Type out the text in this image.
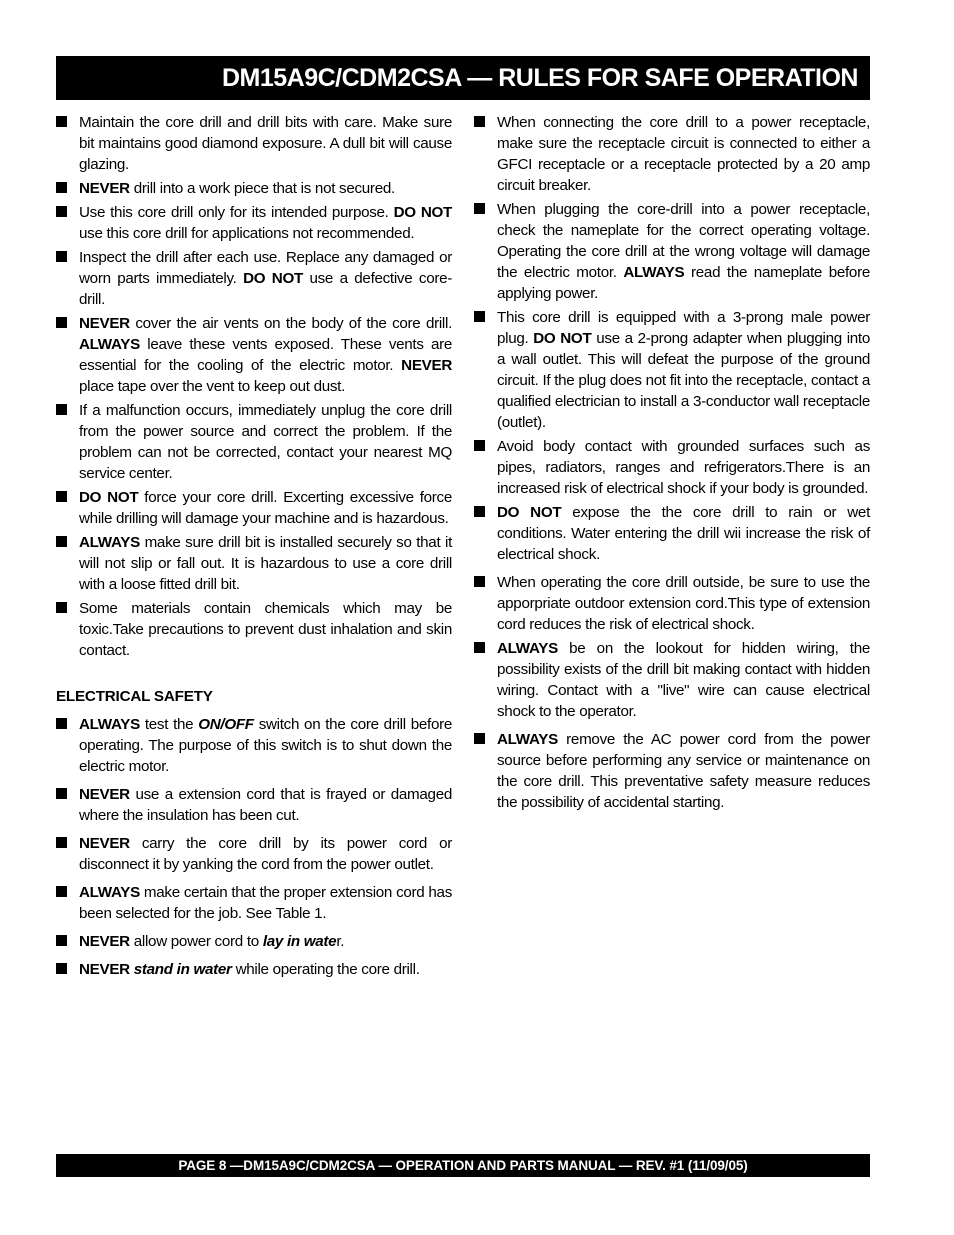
DM15A9C/CDM2CSA — RULES FOR SAFE OPERATION
Maintain the core drill and drill bits with care. Make sure bit maintains good diamond exposure. A dull bit will cause glazing.
NEVER drill into a work piece that is not secured.
Use this core drill only for its intended purpose. DO NOT use this core drill for applications not recommended.
Inspect the drill after each use. Replace any damaged or worn parts immediately. DO NOT use a defective core-drill.
NEVER cover the air vents on the body of the core drill. ALWAYS leave these vents exposed. These vents are essential for the cooling of the electric motor. NEVER place tape over the vent to keep out dust.
If a malfunction occurs, immediately unplug the core drill from the power source and correct the problem. If the problem can not be corrected, contact your nearest MQ service center.
DO NOT force your core drill. Excerting excessive force while drilling will damage your machine and is hazardous.
ALWAYS make sure drill bit is installed securely so that it will not slip or fall out. It is hazardous to use a core drill with a loose fitted drill bit.
Some materials contain chemicals which may be toxic.Take precautions to prevent dust inhalation and skin contact.
ELECTRICAL SAFETY
ALWAYS test the ON/OFF switch on the core drill before operating. The purpose of this switch is to shut down the electric motor.
NEVER use a extension cord that is frayed or damaged where the insulation has been cut.
NEVER carry the core drill by its power cord or disconnect it by yanking the cord from the power outlet.
ALWAYS make certain that the proper extension cord has been selected for the job. See Table 1.
NEVER allow power cord to lay in water.
NEVER stand in water while operating the core drill.
When connecting the core drill to a power receptacle, make sure the receptacle circuit is connected to either a GFCI receptacle or a receptacle protected by a 20 amp circuit breaker.
When plugging the core-drill into a power receptacle, check the nameplate for the correct operating voltage. Operating the core drill at the wrong voltage will damage the electric motor. ALWAYS read the nameplate before applying power.
This core drill is equipped with a 3-prong male power plug. DO NOT use a 2-prong adapter when plugging into a wall outlet. This will defeat the purpose of the ground circuit. If the plug does not fit into the receptacle, contact a qualified electrician to install a 3-conductor wall receptacle (outlet).
Avoid body contact with grounded surfaces such as pipes, radiators, ranges and refrigerators.There is an increased risk of electrical shock if your body is grounded.
DO NOT expose the the core drill to rain or wet conditions. Water entering the drill wii increase the risk of electrical shock.
When operating the core drill outside, be sure to use the apporpriate outdoor extension cord.This type of extension cord reduces the risk of electrical shock.
ALWAYS be on the lookout for hidden wiring, the possibility exists of the drill bit making contact with hidden wiring. Contact with a "live" wire can cause electrical shock to the operator.
ALWAYS remove the AC power cord from the power source before performing any service or maintenance on the core drill. This preventative safety measure reduces the possibility of accidental starting.
PAGE 8 —DM15A9C/CDM2CSA — OPERATION AND PARTS MANUAL — REV. #1 (11/09/05)
